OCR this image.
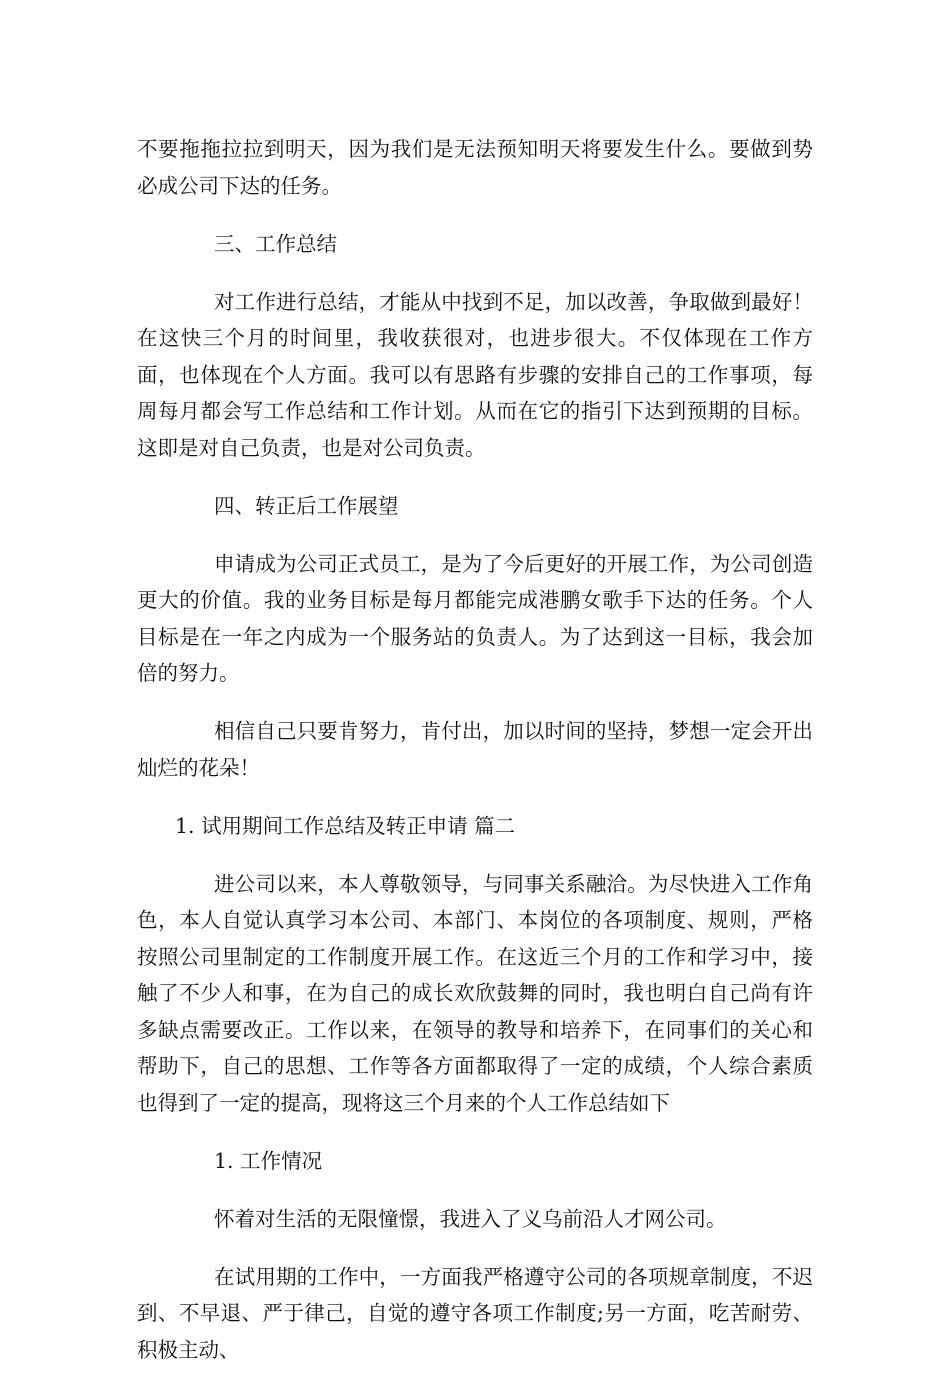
不要拖拖拉拉到明天，因为我们是无法预知明天将要发生什么。要做到势必成公司下达的任务。

三、工作总结

对工作进行总结，才能从中找到不足，加以改善，争取做到最好！在这快三个月的时间里，我收获很对，也进步很大。不仅体现在工作方面，也体现在个人方面。我可以有思路有步骤的安排自己的工作事项，每周每月都会写工作总结和工作计划。从而在它的指引下达到预期的目标。这即是对自己负责，也是对公司负责。

四、转正后工作展望

申请成为公司正式员工，是为了今后更好的开展工作，为公司创造更大的价值。我的业务目标是每月都能完成港鹏女歌手下达的任务。个人目标是在一年之内成为一个服务站的负责人。为了达到这一目标，我会加倍的努力。

相信自己只要肯努力，肯付出，加以时间的坚持，梦想一定会开出灿烂的花朵！

1. 试用期间工作总结及转正申请 篇二

进公司以来，本人尊敬领导，与同事关系融洽。为尽快进入工作角色，本人自觉认真学习本公司、本部门、本岗位的各项制度、规则，严格按照公司里制定的工作制度开展工作。在这近三个月的工作和学习中，接触了不少人和事，在为自己的成长欢欣鼓舞的同时，我也明白自己尚有许多缺点需要改正。工作以来，在领导的教导和培养下，在同事们的关心和帮助下，自己的思想、工作等各方面都取得了一定的成绩，个人综合素质也得到了一定的提高，现将这三个月来的个人工作总结如下

1. 工作情况

怀着对生活的无限憧憬，我进入了义乌前沿人才网公司。

在试用期的工作中，一方面我严格遵守公司的各项规章制度，不迟到、不早退、严于律己，自觉的遵守各项工作制度;另一方面，吃苦耐劳、积极主动、
